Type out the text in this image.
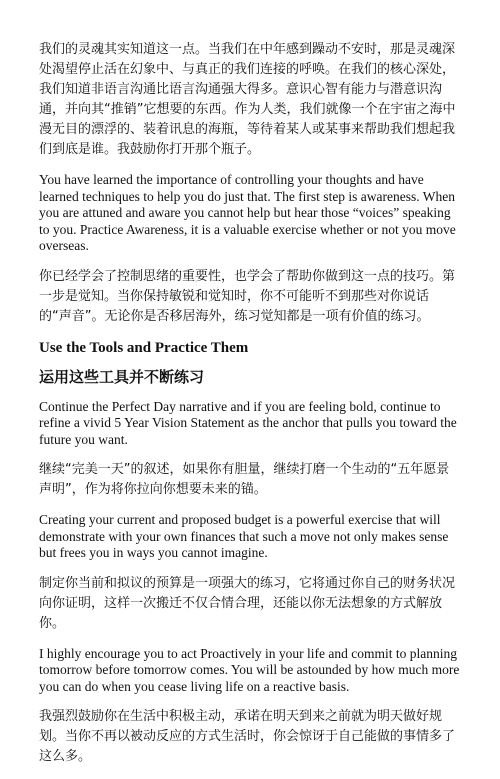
我们的灵魂其实知道这一点。当我们在中年感到躁动不安时，那是灵魂深处渴望停止活在幻象中、与真正的我们连接的呼唤。在我们的核心深处，我们知道非语言沟通比语言沟通强大得多。意识心智有能力与潜意识沟通，并向其“推销”它想要的东西。作为人类，我们就像一个在宇宙之海中漫无目的漂浮的、装着讯息的海瓶，等待着某人或某事来帮助我们想起我们到底是谁。我鼓励你打开那个瓶子。

You have learned the importance of controlling your thoughts and have learned techniques to help you do just that. The first step is awareness. When you are attuned and aware you cannot help but hear those “voices” speaking to you. Practice Awareness, it is a valuable exercise whether or not you move overseas.

你已经学会了控制思绪的重要性，也学会了帮助你做到这一点的技巧。第一步是觉知。当你保持敏锐和觉知时，你不可能听不到那些对你说话的“声音”。无论你是否移居海外，练习觉知都是一项有价值的练习。

Use the Tools and Practice Them
运用这些工具并不断练习

Continue the Perfect Day narrative and if you are feeling bold, continue to refine a vivid 5 Year Vision Statement as the anchor that pulls you toward the future you want.

继续“完美一天”的叙述，如果你有胆量，继续打磨一个生动的“五年愿景声明”，作为将你拉向你想要未来的锚。

Creating your current and proposed budget is a powerful exercise that will demonstrate with your own finances that such a move not only makes sense but frees you in ways you cannot imagine.

制定你当前和拟议的预算是一项强大的练习，它将通过你自己的财务状况向你证明，这样一次搬迁不仅合情合理，还能以你无法想象的方式解放你。

I highly encourage you to act Proactively in your life and commit to planning tomorrow before tomorrow comes. You will be astounded by how much more you can do when you cease living life on a reactive basis.

我强烈鼓励你在生活中积极主动，承诺在明天到来之前就为明天做好规划。当你不再以被动反应的方式生活时，你会惊讶于自己能做的事情多了这么多。
